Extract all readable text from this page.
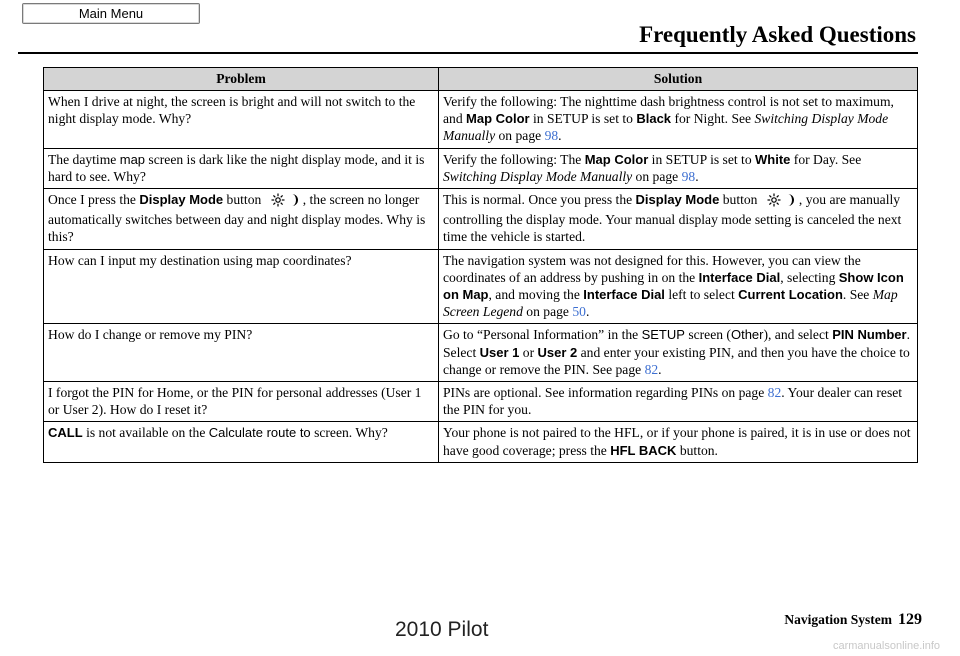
Main Menu
Frequently Asked Questions
Problem	Solution
When I drive at night, the screen is bright and will not switch to the night display mode. Why?	Verify the following: The nighttime dash brightness control is not set to maximum, and Map Color in SETUP is set to Black for Night. See Switching Display Mode Manually on page 98.
The daytime map screen is dark like the night display mode, and it is hard to see. Why?	Verify the following: The Map Color in SETUP is set to White for Day. See Switching Display Mode Manually on page 98.
Once I press the Display Mode button , the screen no longer automatically switches between day and night display modes. Why is this?	This is normal. Once you press the Display Mode button , you are manually controlling the display mode. Your manual display mode setting is canceled the next time the vehicle is started.
How can I input my destination using map coordinates?	The navigation system was not designed for this. However, you can view the coordinates of an address by pushing in on the Interface Dial, selecting Show Icon on Map, and moving the Interface Dial left to select Current Location. See Map Screen Legend on page 50.
How do I change or remove my PIN?	Go to “Personal Information” in the SETUP screen (Other), and select PIN Number. Select User 1 or User 2 and enter your existing PIN, and then you have the choice to change or remove the PIN. See page 82.
I forgot the PIN for Home, or the PIN for personal addresses (User 1 or User 2). How do I reset it?	PINs are optional. See information regarding PINs on page 82. Your dealer can reset the PIN for you.
CALL is not available on the Calculate route to screen. Why?	Your phone is not paired to the HFL, or if your phone is paired, it is in use or does not have good coverage; press the HFL BACK button.
Navigation System 129
2010 Pilot
carmanualsonline.info
